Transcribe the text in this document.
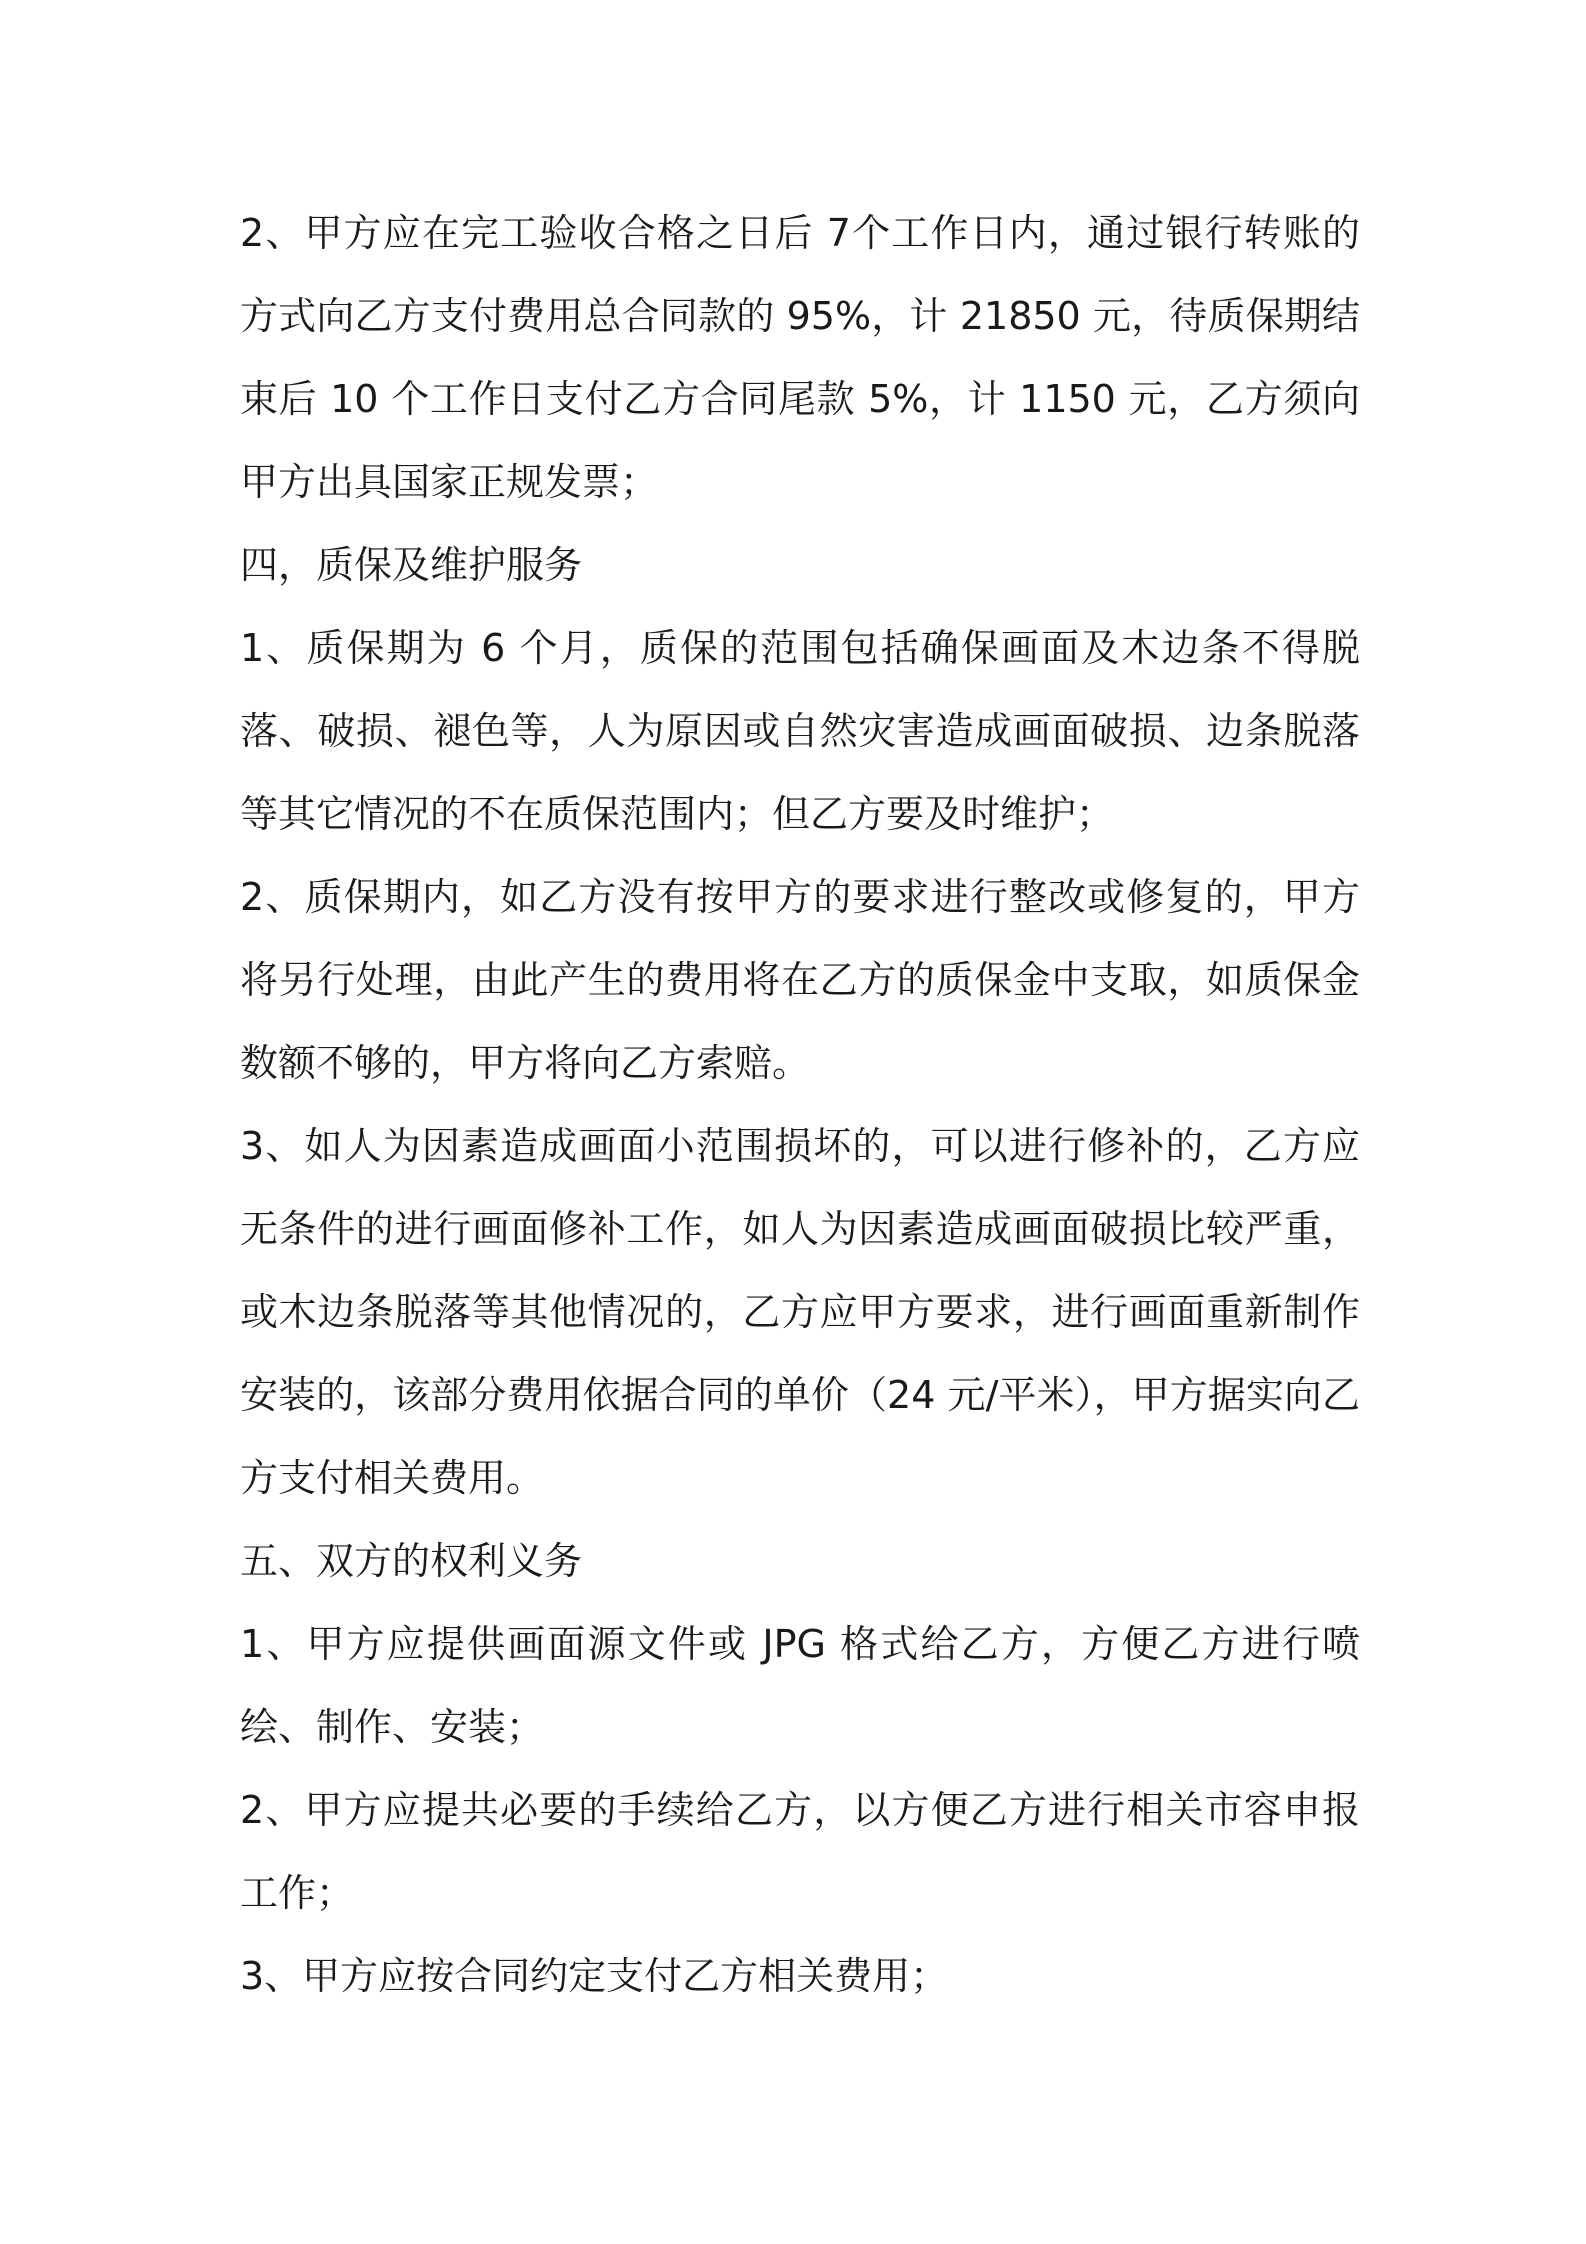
2、甲方应在完工验收合格之日后 7个工作日内，通过银行转账的方式向乙方支付费用总合同款的 95%，计 21850 元，待质保期结束后 10 个工作日支付乙方合同尾款 5%，计 1150 元，乙方须向甲方出具国家正规发票；

四，质保及维护服务

1、质保期为 6 个月，质保的范围包括确保画面及木边条不得脱落、破损、褪色等，人为原因或自然灾害造成画面破损、边条脱落等其它情况的不在质保范围内；但乙方要及时维护；

2、质保期内，如乙方没有按甲方的要求进行整改或修复的，甲方将另行处理，由此产生的费用将在乙方的质保金中支取，如质保金数额不够的，甲方将向乙方索赔。

3、如人为因素造成画面小范围损坏的，可以进行修补的，乙方应无条件的进行画面修补工作，如人为因素造成画面破损比较严重，或木边条脱落等其他情况的，乙方应甲方要求，进行画面重新制作安装的，该部分费用依据合同的单价（24 元/平米），甲方据实向乙方支付相关费用。

五、双方的权利义务

1、甲方应提供画面源文件或 JPG 格式给乙方，方便乙方进行喷绘、制作、安装；

2、甲方应提共必要的手续给乙方，以方便乙方进行相关市容申报工作；

3、甲方应按合同约定支付乙方相关费用；
